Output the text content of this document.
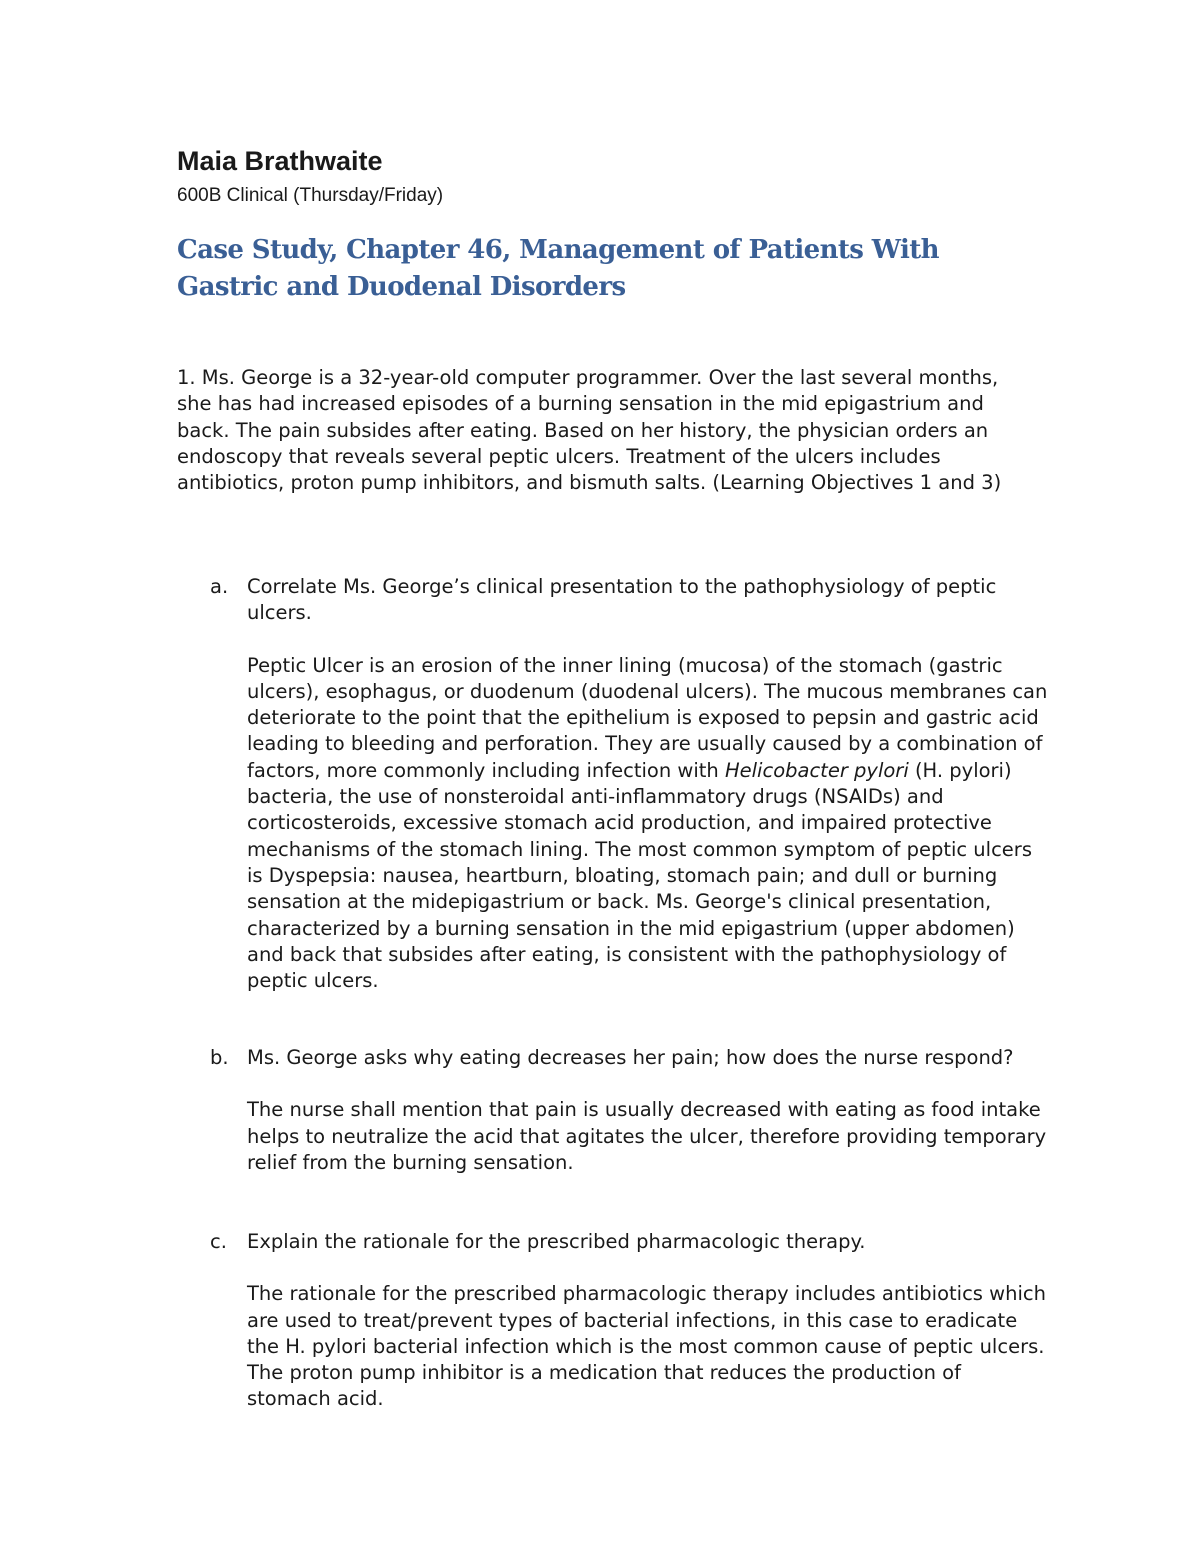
Maia Brathwaite
600B Clinical (Thursday/Friday)
Case Study, Chapter 46, Management of Patients With Gastric and Duodenal Disorders

1. Ms. George is a 32-year-old computer programmer. Over the last several months, she has had increased episodes of a burning sensation in the mid epigastrium and back. The pain subsides after eating. Based on her history, the physician orders an endoscopy that reveals several peptic ulcers. Treatment of the ulcers includes antibiotics, proton pump inhibitors, and bismuth salts. (Learning Objectives 1 and 3)

a. Correlate Ms. George’s clinical presentation to the pathophysiology of peptic ulcers.

Peptic Ulcer is an erosion of the inner lining (mucosa) of the stomach (gastric ulcers), esophagus, or duodenum (duodenal ulcers). The mucous membranes can deteriorate to the point that the epithelium is exposed to pepsin and gastric acid leading to bleeding and perforation. They are usually caused by a combination of factors, more commonly including infection with Helicobacter pylori (H. pylori) bacteria, the use of nonsteroidal anti-inflammatory drugs (NSAIDs) and corticosteroids, excessive stomach acid production, and impaired protective mechanisms of the stomach lining. The most common symptom of peptic ulcers is Dyspepsia: nausea, heartburn, bloating, stomach pain; and dull or burning sensation at the midepigastrium or back. Ms. George's clinical presentation, characterized by a burning sensation in the mid epigastrium (upper abdomen) and back that subsides after eating, is consistent with the pathophysiology of peptic ulcers.

b. Ms. George asks why eating decreases her pain; how does the nurse respond?

The nurse shall mention that pain is usually decreased with eating as food intake helps to neutralize the acid that agitates the ulcer, therefore providing temporary relief from the burning sensation.

c.	Explain the rationale for the prescribed pharmacologic therapy.

The rationale for the prescribed pharmacologic therapy includes antibiotics which are used to treat/prevent types of bacterial infections, in this case to eradicate the H. pylori bacterial infection which is the most common cause of peptic ulcers. The proton pump inhibitor is a medication that reduces the production of stomach acid.
